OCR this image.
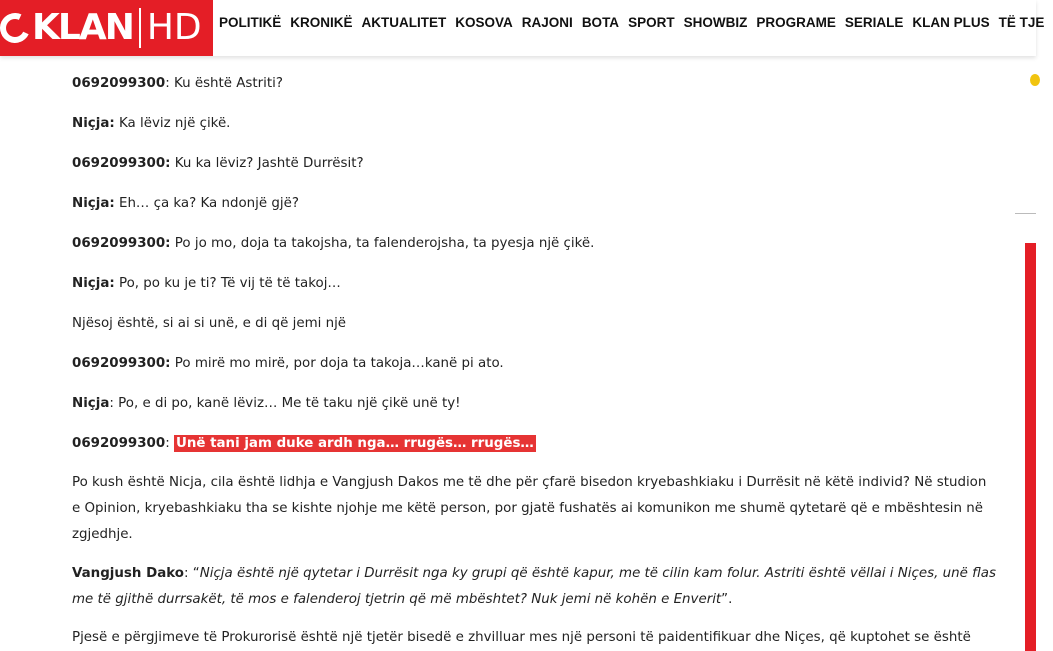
KLAN HD POLITIKË KRONIKË AKTUALITET KOSOVA RAJONI BOTA SPORT SHOWBIZ PROGRAME SERIALE KLAN PLUS TË TJE
0692099300: Ku është Astriti?
Niçja: Ka lëviz një çikë.
0692099300: Ku ka lëviz? Jashtë Durrësit?
Niçja: Eh… ça ka? Ka ndonjë gjë?
0692099300: Po jo mo, doja ta takojsha, ta falenderojsha, ta pyesja një çikë.
Niçja: Po, po ku je ti? Të vij të të takoj…
Njësoj është, si ai si unë, e di që jemi një
0692099300: Po mirë mo mirë, por doja ta takoja…kanë pi ato.
Niçja: Po, e di po, kanë lëviz… Me të taku një çikë unë ty!
0692099300: Unë tani jam duke ardh nga… rrugës… rrugës…

Po kush është Nicja, cila është lidhja e Vangjush Dakos me të dhe për çfarë bisedon kryebashkiaku i Durrësit në këtë individ? Në studion e Opinion, kryebashkiaku tha se kishte njohje me këtë person, por gjatë fushatës ai komunikon me shumë qytetarë që e mbështesin në zgjedhje.

Vangjush Dako: “Niçja është një qytetar i Durrësit nga ky grupi që është kapur, me të cilin kam folur. Astriti është vëllai i Niçes, unë flas me të gjithë durrsakët, të mos e falenderoj tjetrin që më mbështet? Nuk jemi në kohën e Enverit”.

Pjesë e përgjimeve të Prokurorisë është një tjetër bisedë e zhvilluar mes një personi të paidentifikuar dhe Niçes, që kuptohet se është
